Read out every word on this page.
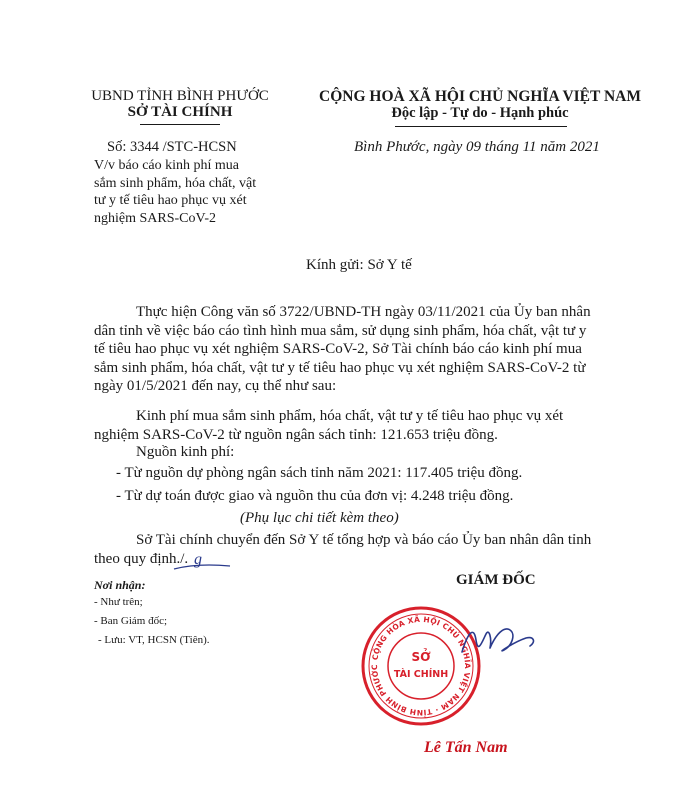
UBND TỈNH BÌNH PHƯỚC
SỞ TÀI CHÍNH
Số: 3344 /STC-HCSN
V/v báo cáo kinh phí mua
sắm sinh phẩm, hóa chất, vật
tư y tế tiêu hao phục vụ xét
nghiệm SARS-CoV-2
CỘNG HOÀ XÃ HỘI CHỦ NGHĨA VIỆT NAM
Độc lập - Tự do - Hạnh phúc
Bình Phước, ngày 09 tháng 11 năm 2021
Kính gửi: Sở Y tế
Thực hiện Công văn số 3722/UBND-TH ngày 03/11/2021 của Ủy ban nhân
dân tỉnh về việc báo cáo tình hình mua sắm, sử dụng sinh phẩm, hóa chất, vật tư y
tế tiêu hao phục vụ xét nghiệm SARS-CoV-2, Sở Tài chính báo cáo kinh phí mua
sắm sinh phẩm, hóa chất, vật tư y tế tiêu hao phục vụ xét nghiệm SARS-CoV-2 từ
ngày 01/5/2021 đến nay, cụ thể như sau:
Kinh phí mua sắm sinh phẩm, hóa chất, vật tư y tế tiêu hao phục vụ xét
nghiệm SARS-CoV-2 từ nguồn ngân sách tỉnh: 121.653 triệu đồng.
Nguồn kinh phí:
- Từ nguồn dự phòng ngân sách tỉnh năm 2021: 117.405 triệu đồng.
- Từ dự toán được giao và nguồn thu của đơn vị: 4.248 triệu đồng.
(Phụ lục chi tiết kèm theo)
Sở Tài chính chuyển đến Sở Y tế tổng hợp và báo cáo Ủy ban nhân dân tỉnh
theo quy định./. g
Nơi nhận:
- Như trên;
- Ban Giám đốc;
- Lưu: VT, HCSN (Tiên).
GIÁM ĐỐC
CỘNG HÒA XÃ HỘI CHỦ NGHĨA VIỆT NAM · TỈNH BÌNH PHƯỚC
SỞ
TÀI CHÍNH
Lê Tấn Nam
